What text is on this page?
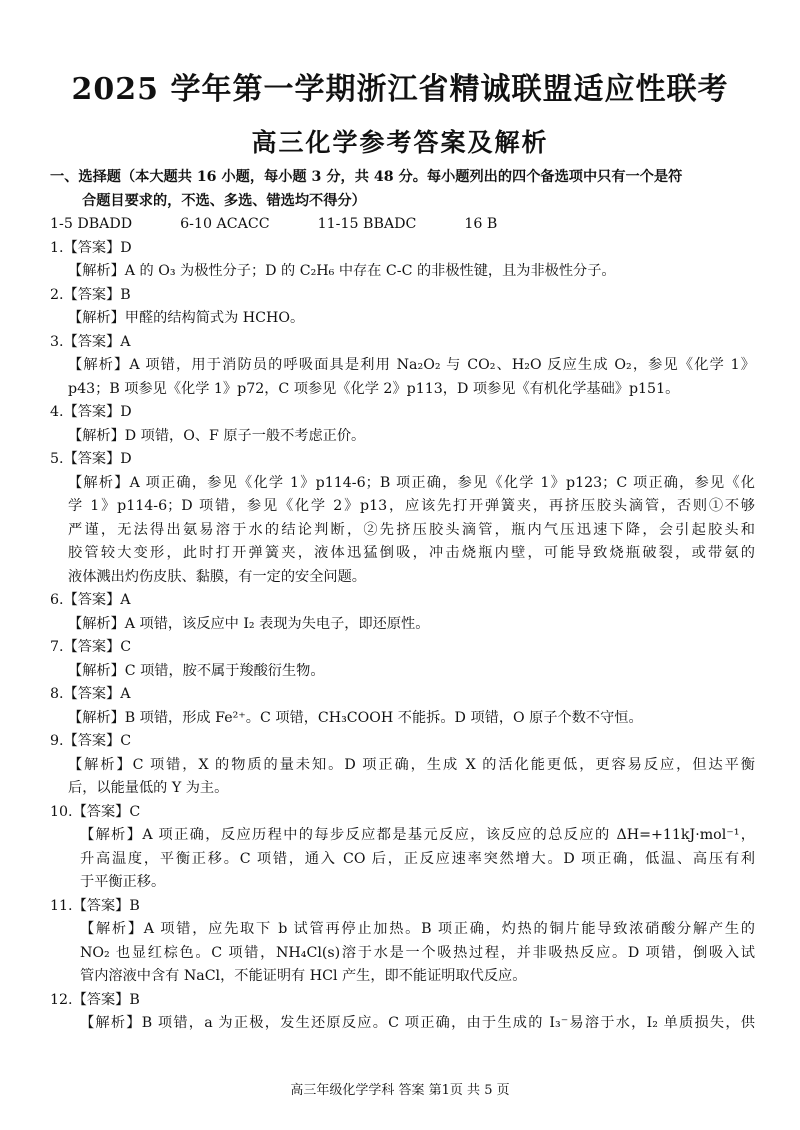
2025 学年第一学期浙江省精诚联盟适应性联考
高三化学参考答案及解析
一、选择题（本大题共 16 小题，每小题 3 分，共 48 分。每小题列出的四个备选项中只有一个是符
合题目要求的，不选、多选、错选均不得分）
1-5 DBADD	6-10 ACACC	11-15 BBADC	16 B
1.【答案】D
【解析】A 的 O₃ 为极性分子；D 的 C₂H₆ 中存在 C-C 的非极性键，且为非极性分子。
2.【答案】B
【解析】甲醛的结构简式为 HCHO。
3.【答案】A
【解析】A 项错，用于消防员的呼吸面具是利用 Na₂O₂ 与 CO₂、H₂O 反应生成 O₂，参见《化学 1》
p43；B 项参见《化学 1》p72，C 项参见《化学 2》p113，D 项参见《有机化学基础》p151。
4.【答案】D
【解析】D 项错，O、F 原子一般不考虑正价。
5.【答案】D
【解析】A 项正确，参见《化学 1》p114-6；B 项正确，参见《化学 1》p123；C 项正确，参见《化
学 1》p114-6；D 项错，参见《化学 2》p13，应该先打开弹簧夹，再挤压胶头滴管，否则①不够
严谨，无法得出氨易溶于水的结论判断，②先挤压胶头滴管，瓶内气压迅速下降，会引起胶头和
胶管较大变形，此时打开弹簧夹，液体迅猛倒吸，冲击烧瓶内壁，可能导致烧瓶破裂，或带氨的
液体溅出灼伤皮肤、黏膜，有一定的安全问题。
6.【答案】A
【解析】A 项错，该反应中 I₂ 表现为失电子，即还原性。
7.【答案】C
【解析】C 项错，胺不属于羧酸衍生物。
8.【答案】A
【解析】B 项错，形成 Fe²⁺。C 项错，CH₃COOH 不能拆。D 项错，O 原子个数不守恒。
9.【答案】C
【解析】C 项错，X 的物质的量未知。D 项正确，生成 X 的活化能更低，更容易反应，但达平衡
后，以能量低的 Y 为主。
10.【答案】C
【解析】A 项正确，反应历程中的每步反应都是基元反应，该反应的总反应的 ΔH=+11kJ·mol⁻¹，
升高温度，平衡正移。C 项错，通入 CO 后，正反应速率突然增大。D 项正确，低温、高压有利
于平衡正移。
11.【答案】B
【解析】A 项错，应先取下 b 试管再停止加热。B 项正确，灼热的铜片能导致浓硝酸分解产生的
NO₂ 也显红棕色。C 项错，NH₄Cl(s)溶于水是一个吸热过程，并非吸热反应。D 项错，倒吸入试
管内溶液中含有 NaCl，不能证明有 HCl 产生，即不能证明取代反应。
12.【答案】B
【解析】B 项错，a 为正极，发生还原反应。C 项正确，由于生成的 I₃⁻易溶于水，I₂ 单质损失，供
高三年级化学学科 答案 第1页 共 5 页
